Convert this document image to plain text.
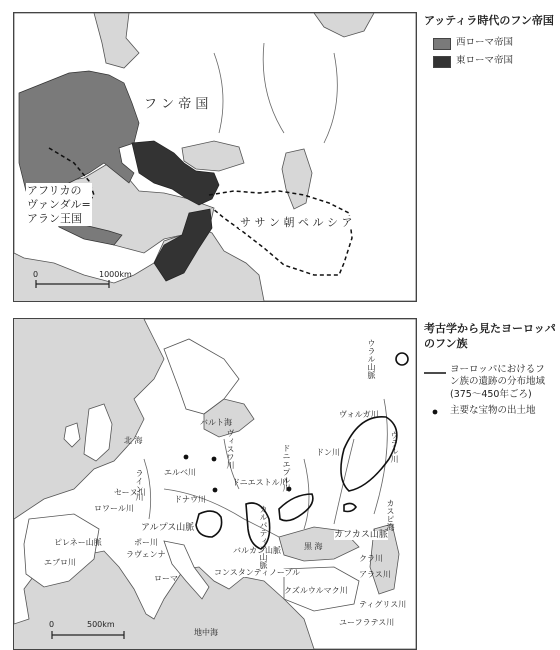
フ ン 帝 国
アフリカの
ヴァンダル=
アラン王国	サ サ ン 朝 ペ ル シ ア
0	1000km
アッティラ時代のフン帝国
西ローマ帝国
東ローマ帝国
ウラル山脈
ウラル川
ヴォルガ川
ドン川
ドニエプル川
ドニエストル川
ヴィスワ川
バルト海
北 海
ライン川	エルベ川
ロワール川
セーヌ川
ドナウ川
アルプス山脈	カルパティア山脈
バルカン山脈
ポー川
ラヴェンナ
ローマ
コンスタンティノープル
黒 海
カフカス山脈
カスピ海
クラ川
アラス川
ティグリス川
ユーフラテス川
クズルウルマク川
ピレネー山脈
地中海
エブロ川
0	500km
考古学から見たヨーロッパ
のフン族
ヨーロッパにおけるフ
ン族の遺跡の分布地域
(375〜450年ごろ)
主要な宝物の出土地
